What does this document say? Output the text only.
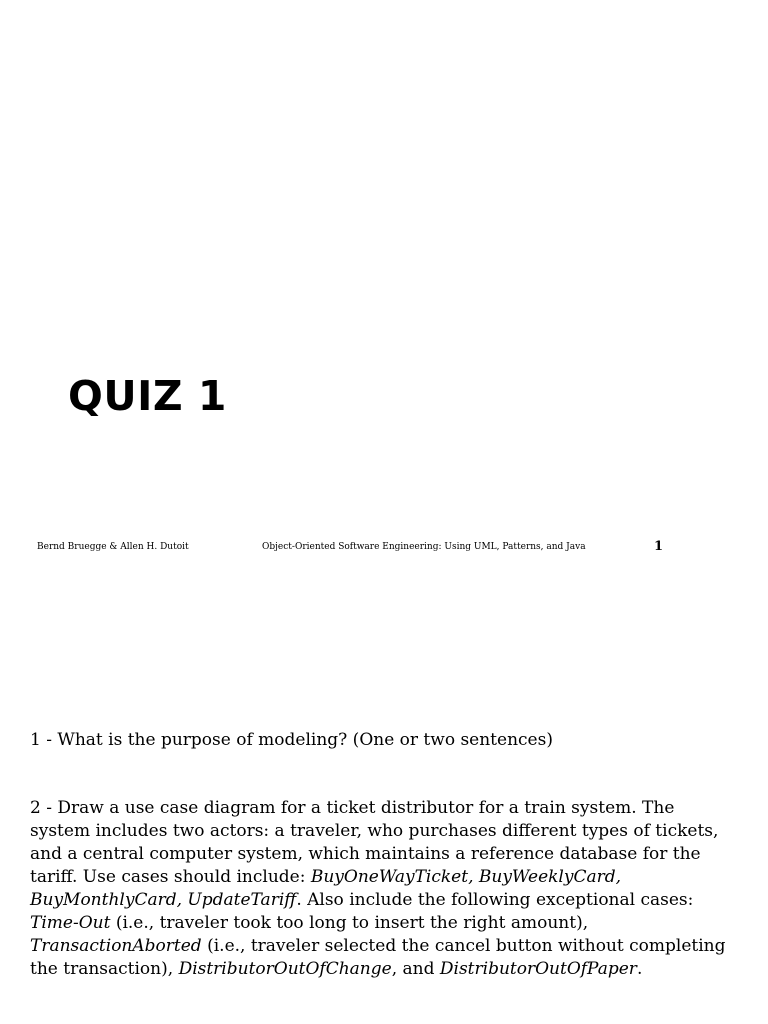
QUIZ 1
Bernd Bruegge & Allen H. Dutoit	Object-Oriented Software Engineering: Using UML, Patterns, and Java	1

1 - What is the purpose of modeling? (One or two sentences)

2 - Draw a use case diagram for a ticket distributor for a train system. The system includes two actors: a traveler, who purchases different types of tickets, and a central computer system, which maintains a reference database for the tariff. Use cases should include: BuyOneWayTicket, BuyWeeklyCard, BuyMonthlyCard, UpdateTariff. Also include the following exceptional cases: Time-Out (i.e., traveler took too long to insert the right amount), TransactionAborted (i.e., traveler selected the cancel button without completing the transaction), DistributorOutOfChange, and DistributorOutOfPaper.
